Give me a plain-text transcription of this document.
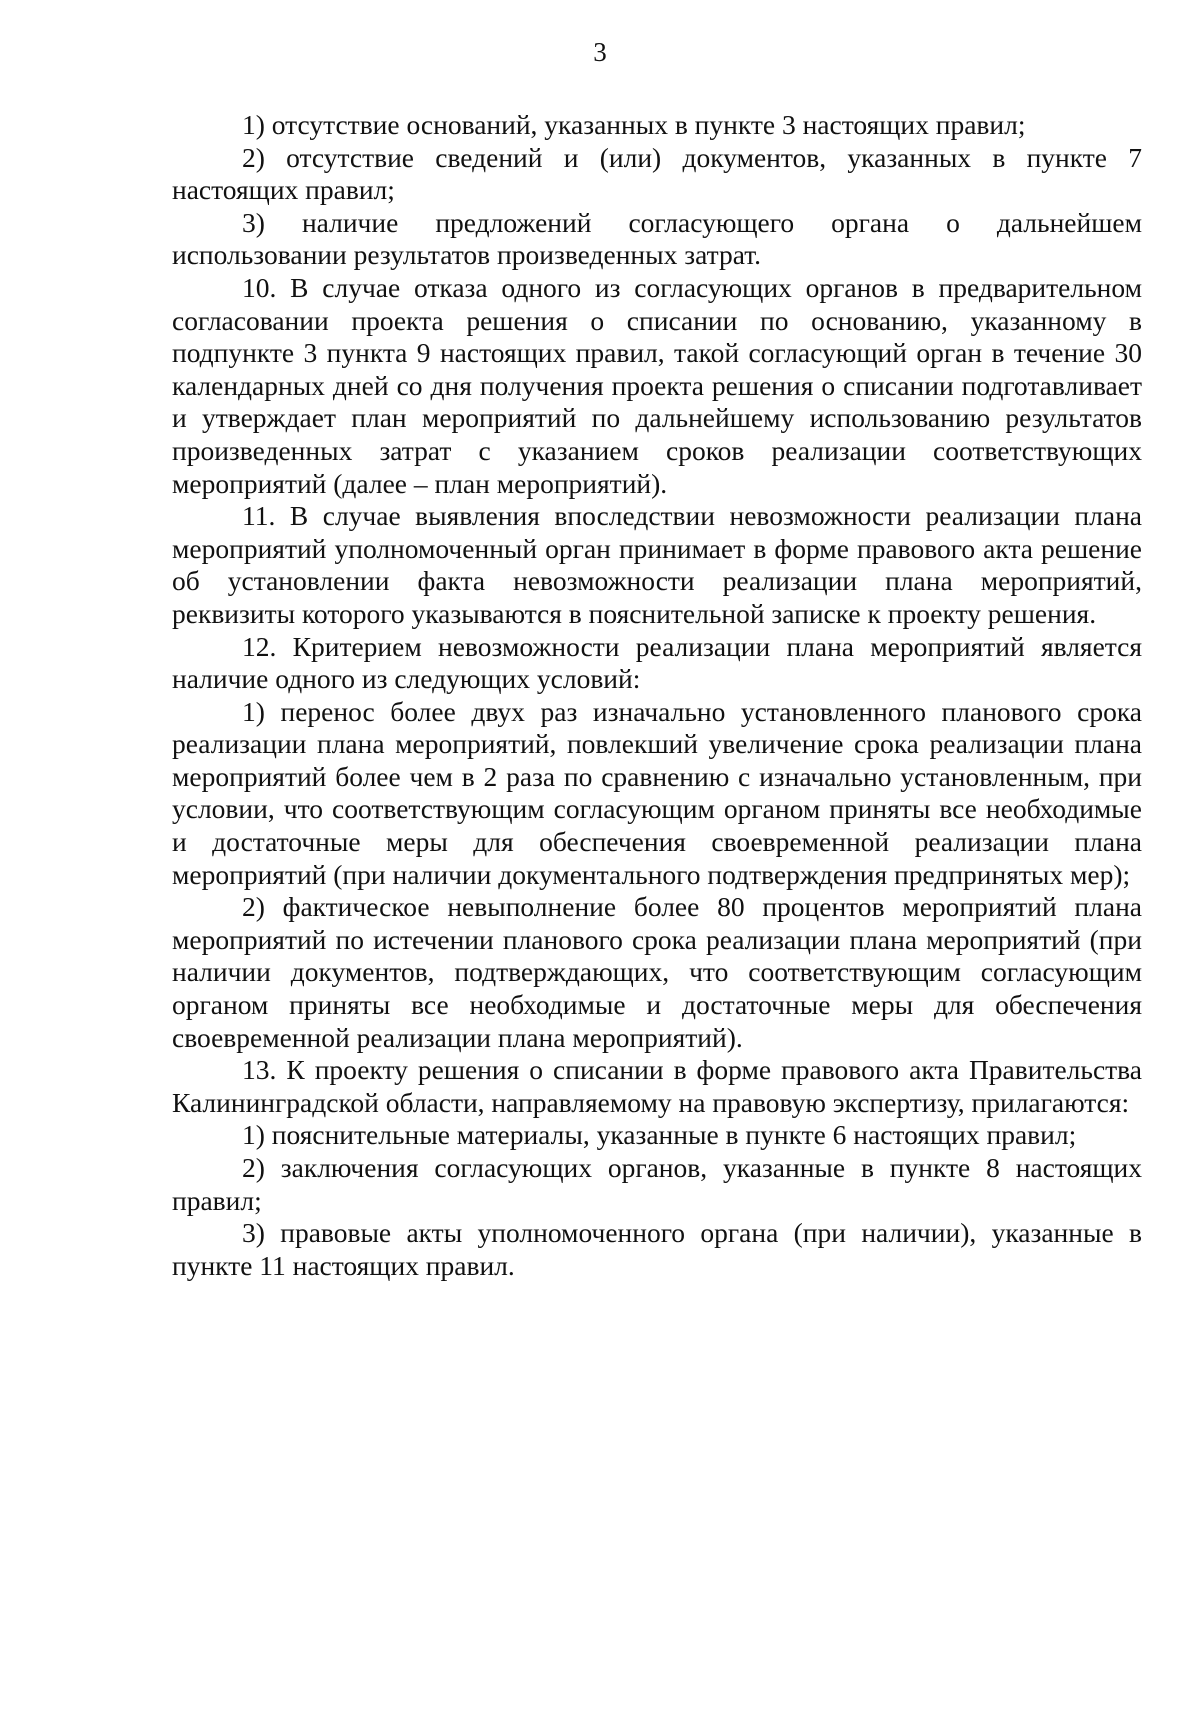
3

1) отсутствие оснований, указанных в пункте 3 настоящих правил;

2) отсутствие сведений и (или) документов, указанных в пункте 7 настоящих правил;

3) наличие предложений согласующего органа о дальнейшем использовании результатов произведенных затрат.

10. В случае отказа одного из согласующих органов в предварительном согласовании проекта решения о списании по основанию, указанному в подпункте 3 пункта 9 настоящих правил, такой согласующий орган в течение 30 календарных дней со дня получения проекта решения о списании подготавливает и утверждает план мероприятий по дальнейшему использованию результатов произведенных затрат с указанием сроков реализации соответствующих мероприятий (далее – план мероприятий).

11. В случае выявления впоследствии невозможности реализации плана мероприятий уполномоченный орган принимает в форме правового акта решение об установлении факта невозможности реализации плана мероприятий, реквизиты которого указываются в пояснительной записке к проекту решения.

12. Критерием невозможности реализации плана мероприятий является наличие одного из следующих условий:

1) перенос более двух раз изначально установленного планового срока реализации плана мероприятий, повлекший увеличение срока реализации плана мероприятий более чем в 2 раза по сравнению с изначально установленным, при условии, что соответствующим согласующим органом приняты все необходимые и достаточные меры для обеспечения своевременной реализации плана мероприятий (при наличии документального подтверждения предпринятых мер);

2) фактическое невыполнение более 80 процентов мероприятий плана мероприятий по истечении планового срока реализации плана мероприятий (при наличии документов, подтверждающих, что соответствующим согласующим органом приняты все необходимые и достаточные меры для обеспечения своевременной реализации плана мероприятий).

13. К проекту решения о списании в форме правового акта Правительства Калининградской области, направляемому на правовую экспертизу, прилагаются:

1) пояснительные материалы, указанные в пункте 6 настоящих правил;

2) заключения согласующих органов, указанные в пункте 8 настоящих правил;

3) правовые акты уполномоченного органа (при наличии), указанные в пункте 11 настоящих правил.
